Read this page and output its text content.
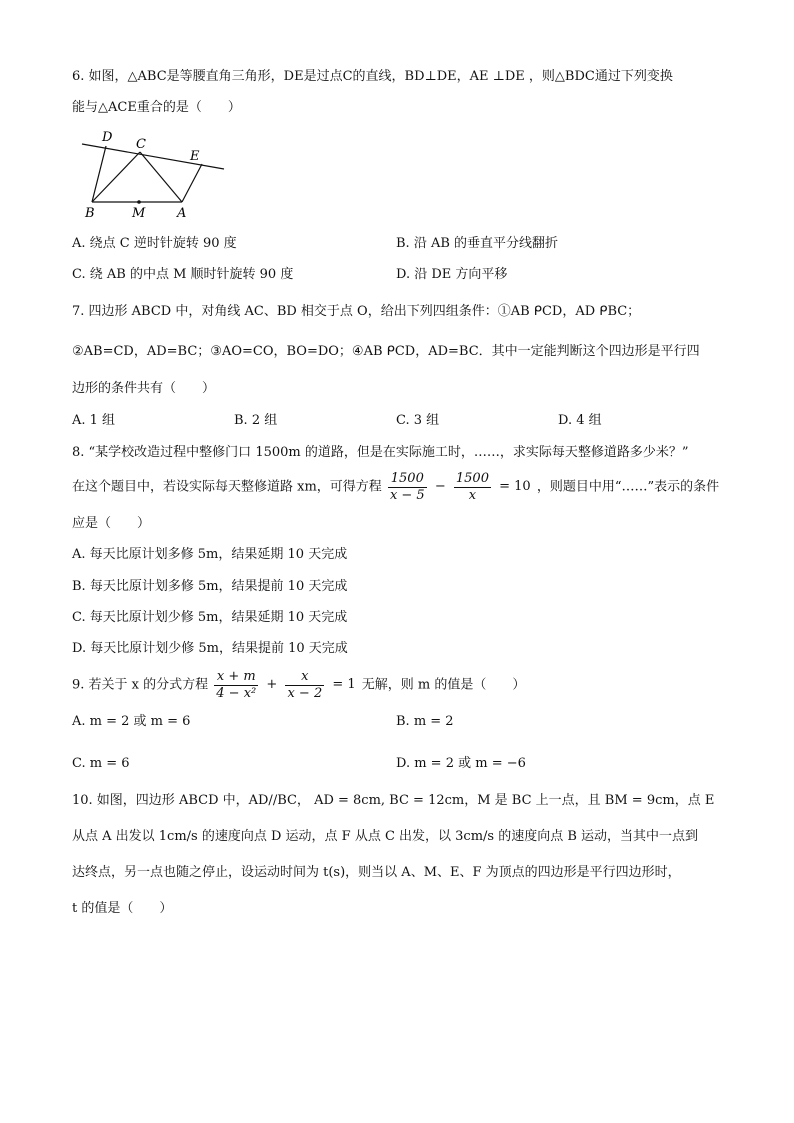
6. 如图，△ABC是等腰直角三角形，DE是过点C的直线，BD⊥DE，AE ⊥DE ，则△BDC通过下列变换
能与△ACE重合的是（　　）
D C
E
B	M A
A. 绕点 C 逆时针旋转 90 度	B. 沿 AB 的垂直平分线翻折
C. 绕 AB 的中点 M 顺时针旋转 90 度	D. 沿 DE 方向平移
7. 四边形 ABCD 中，对角线 AC、BD 相交于点 O，给出下列四组条件：①AB ᑭCD，AD ᑭBC；
②AB=CD，AD=BC；③AO=CO，BO=DO；④AB ᑭCD，AD=BC．其中一定能判断这个四边形是平行四
边形的条件共有（　　）
A. 1 组	B. 2 组	C. 3 组	D. 4 组
8. “某学校改造过程中整修门口 1500m 的道路，但是在实际施工时，……，求实际每天整修道路多少米？”
在这个题目中，若设实际每天整修道路 xm，可得方程 $\frac{1500}{x - 5} - \frac{1500}{x} = 10$ ，则题目中用“……”表示的条件
应是（　　）
A. 每天比原计划多修 5m，结果延期 10 天完成
B. 每天比原计划多修 5m，结果提前 10 天完成
C. 每天比原计划少修 5m，结果延期 10 天完成
D. 每天比原计划少修 5m，结果提前 10 天完成
9. 若关于 x 的分式方程 $\frac{x + m}{\text{4 − x²}} + \frac{x}{x - 2} = 1$ 无解，则 m 的值是（　　）
A. m = 2 或 m = 6	B. m = 2
C. m = 6	D. m = 2 或 m = −6
10. 如图，四边形 ABCD 中，AD//BC， AD = 8cm, BC = 12cm，M 是 BC 上一点，且 BM = 9cm，点 E
从点 A 出发以 1cm/s 的速度向点 D 运动，点 F 从点 C 出发，以 3cm/s 的速度向点 B 运动，当其中一点到
达终点，另一点也随之停止，设运动时间为 t(s)，则当以 A、M、E、F 为顶点的四边形是平行四边形时，
t 的值是（　　）
